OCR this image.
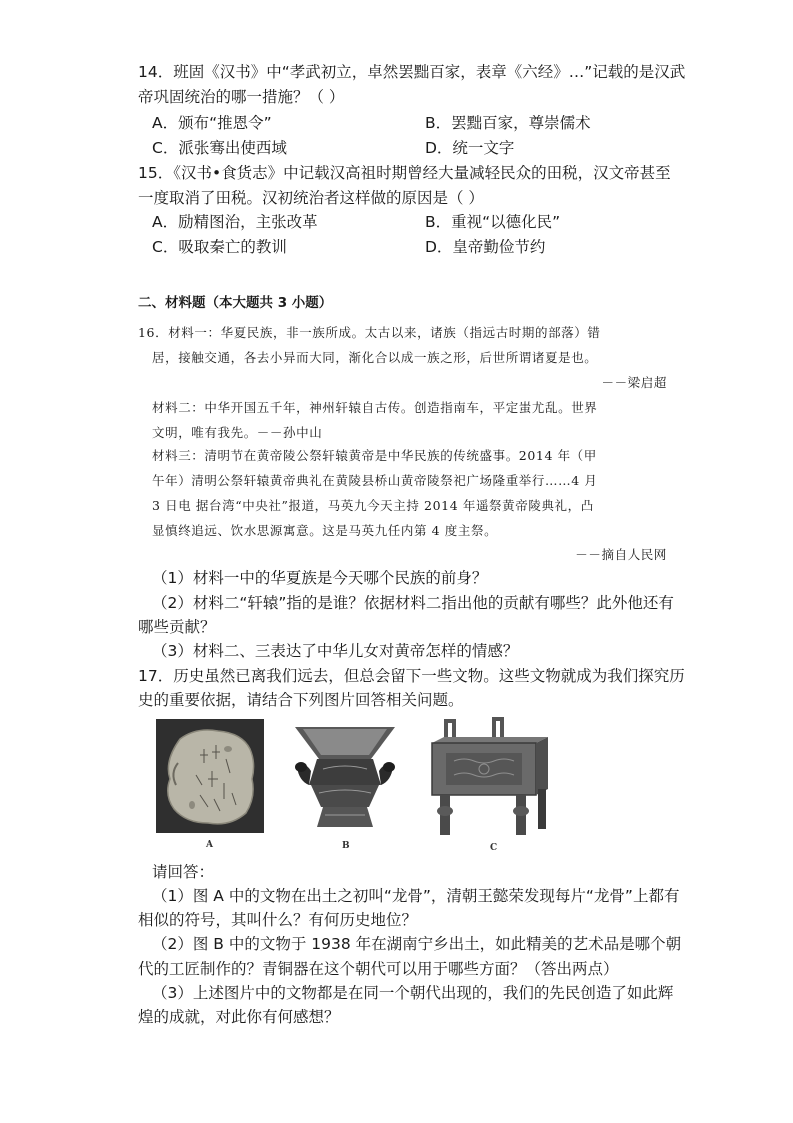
14．班固《汉书》中“孝武初立，卓然罢黜百家，表章《六经》…”记载的是汉武
帝巩固统治的哪一措施？（ ）
A．颁布“推恩令”	B．罢黜百家，尊崇儒术
C．派张骞出使西域	D．统一文字
15．《汉书•食货志》中记载汉高祖时期曾经大量减轻民众的田税，汉文帝甚至
一度取消了田税。汉初统治者这样做的原因是（ ）
A．励精图治，主张改革	B．重视“以德化民”
C．吸取秦亡的教训	D．皇帝勤俭节约
二、材料题（本大题共 3 小题）
16．材料一：华夏民族，非一族所成。太古以来，诸族（指远古时期的部落）错
居，接触交通，各去小异而大同，渐化合以成一族之形，后世所谓诸夏是也。
－－梁启超
材料二：中华开国五千年，神州轩辕自古传。创造指南车，平定蚩尤乱。世界
文明，唯有我先。－－孙中山
材料三：清明节在黄帝陵公祭轩辕黄帝是中华民族的传统盛事。2014 年（甲
午年）清明公祭轩辕黄帝典礼在黄陵县桥山黄帝陵祭祀广场隆重举行……4 月
3 日电 据台湾“中央社”报道，马英九今天主持 2014 年遥祭黄帝陵典礼，凸
显慎终追远、饮水思源寓意。这是马英九任内第 4 度主祭。
－－摘自人民网
（1）材料一中的华夏族是今天哪个民族的前身？
（2）材料二“轩辕”指的是谁？依据材料二指出他的贡献有哪些？此外他还有
哪些贡献？
（3）材料二、三表达了中华儿女对黄帝怎样的情感？
17．历史虽然已离我们远去，但总会留下一些文物。这些文物就成为我们探究历
史的重要依据，请结合下列图片回答相关问题。
A	B	C
请回答：
（1）图 A 中的文物在出土之初叫“龙骨”，清朝王懿荣发现每片“龙骨”上都有
相似的符号，其叫什么？有何历史地位？
（2）图 B 中的文物于 1938 年在湖南宁乡出土，如此精美的艺术品是哪个朝
代的工匠制作的？青铜器在这个朝代可以用于哪些方面？（答出两点）
（3）上述图片中的文物都是在同一个朝代出现的，我们的先民创造了如此辉
煌的成就，对此你有何感想？
